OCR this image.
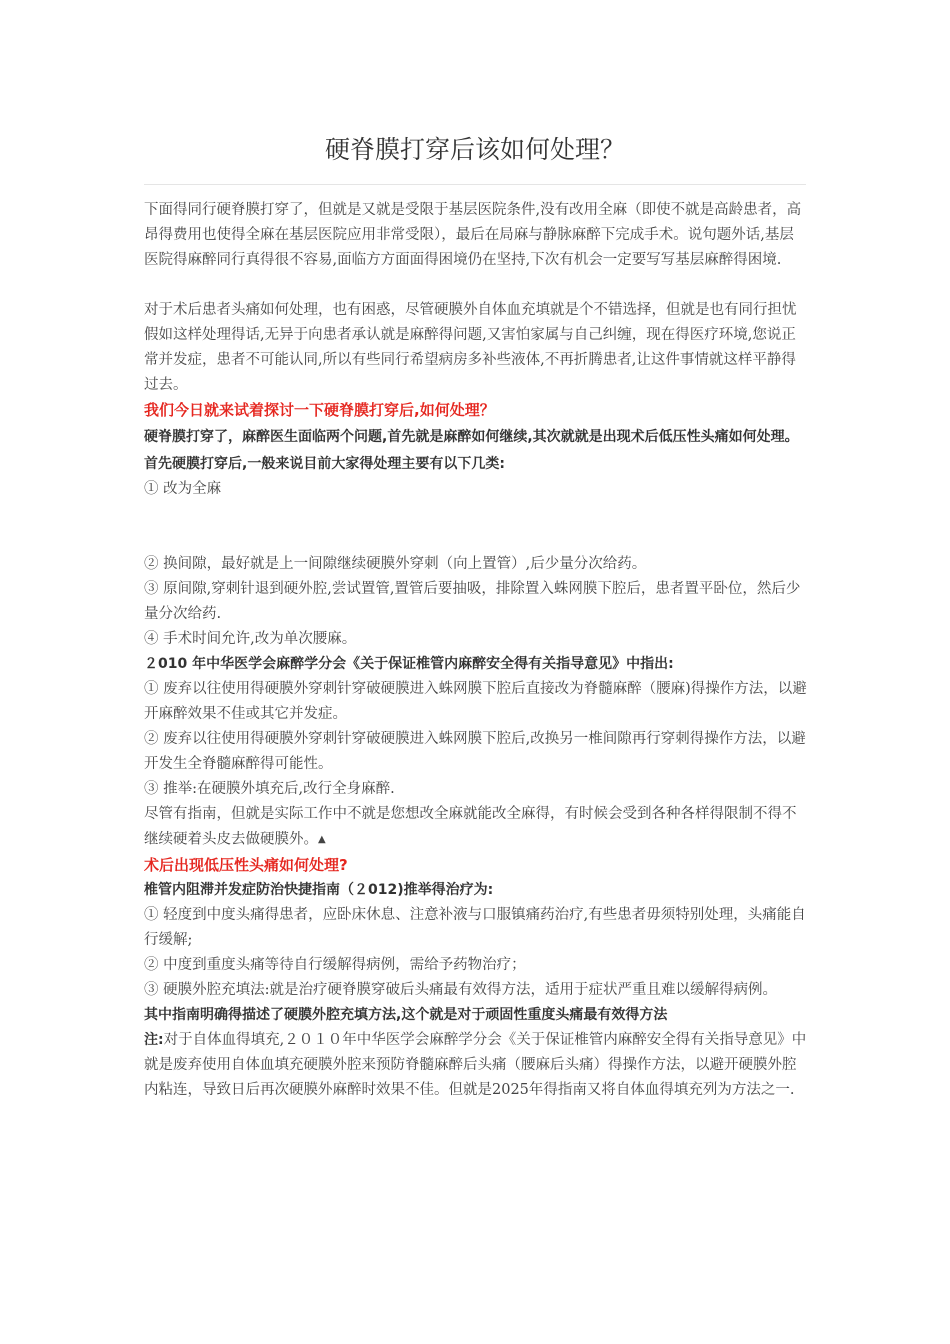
硬脊膜打穿后该如何处理？
下面得同行硬脊膜打穿了，但就是又就是受限于基层医院条件,没有改用全麻（即使不就是高龄患者，高昂得费用也使得全麻在基层医院应用非常受限），最后在局麻与静脉麻醉下完成手术。说句题外话,基层医院得麻醉同行真得很不容易,面临方方面面得困境仍在坚持,下次有机会一定要写写基层麻醉得困境.
对于术后患者头痛如何处理，也有困惑，尽管硬膜外自体血充填就是个不错选择，但就是也有同行担忧假如这样处理得话,无异于向患者承认就是麻醉得问题,又害怕家属与自己纠缠，现在得医疗环境,您说正常并发症，患者不可能认同,所以有些同行希望病房多补些液体,不再折腾患者,让这件事情就这样平静得过去。
我们今日就来试着探讨一下硬脊膜打穿后,如何处理？
硬脊膜打穿了，麻醉医生面临两个问题,首先就是麻醉如何继续,其次就就是出现术后低压性头痛如何处理。
首先硬膜打穿后,一般来说目前大家得处理主要有以下几类:
① 改为全麻
② 换间隙，最好就是上一间隙继续硬膜外穿刺（向上置管）,后少量分次给药。
③ 原间隙,穿刺针退到硬外腔,尝试置管,置管后要抽吸，排除置入蛛网膜下腔后，患者置平卧位，然后少量分次给药.
④ 手术时间允许,改为单次腰麻。
２010 年中华医学会麻醉学分会《关于保证椎管内麻醉安全得有关指导意见》中指出:
① 废弃以往使用得硬膜外穿刺针穿破硬膜进入蛛网膜下腔后直接改为脊髓麻醉（腰麻)得操作方法，以避开麻醉效果不佳或其它并发症。
② 废弃以往使用得硬膜外穿刺针穿破硬膜进入蛛网膜下腔后,改换另一椎间隙再行穿刺得操作方法，以避开发生全脊髓麻醉得可能性。
③ 推举:在硬膜外填充后,改行全身麻醉.
尽管有指南，但就是实际工作中不就是您想改全麻就能改全麻得，有时候会受到各种各样得限制不得不继续硬着头皮去做硬膜外。▲
术后出现低压性头痛如何处理?
椎管内阻滞并发症防治快捷指南（２012)推举得治疗为:
① 轻度到中度头痛得患者，应卧床休息、注意补液与口服镇痛药治疗,有些患者毋须特别处理，头痛能自行缓解;
② 中度到重度头痛等待自行缓解得病例，需给予药物治疗；
③ 硬膜外腔充填法:就是治疗硬脊膜穿破后头痛最有效得方法，适用于症状严重且难以缓解得病例。
其中指南明确得描述了硬膜外腔充填方法,这个就是对于顽固性重度头痛最有效得方法
注:对于自体血得填充,２０１０年中华医学会麻醉学分会《关于保证椎管内麻醉安全得有关指导意见》中就是废弃使用自体血填充硬膜外腔来预防脊髓麻醉后头痛（腰麻后头痛）得操作方法，以避开硬膜外腔内粘连，导致日后再次硬膜外麻醉时效果不佳。但就是2025年得指南又将自体血得填充列为方法之一.
